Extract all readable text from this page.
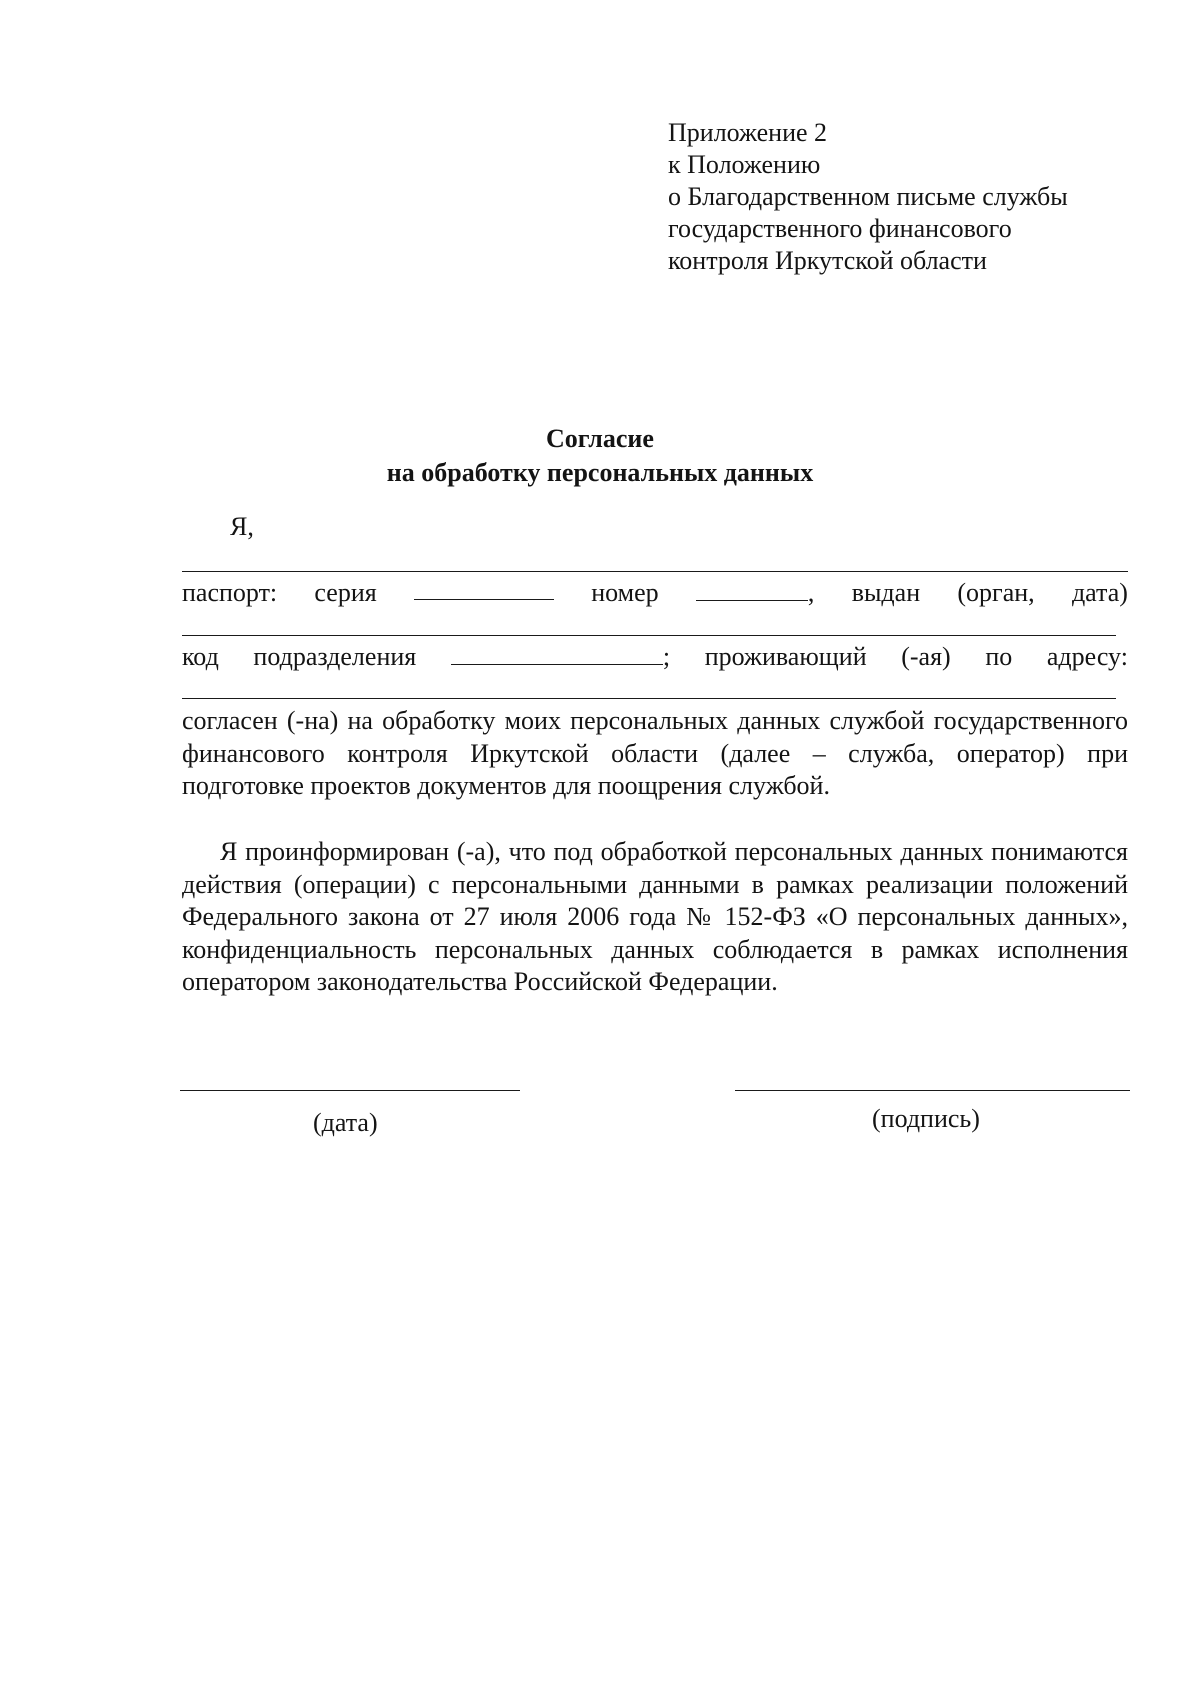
Приложение 2
к Положению
о Благодарственном письме службы
государственного финансового
контроля Иркутской области
Согласие
на обработку персональных данных
Я,
паспорт: серия	номер	, выдан (орган, дата)
код подразделения	; проживающий (-ая) по адресу:
согласен (-на) на обработку моих персональных данных службой государственного финансового контроля Иркутской области (далее – служба, оператор) при подготовке проектов документов для поощрения службой.
Я проинформирован (-а), что под обработкой персональных данных понимаются действия (операции) с персональными данными в рамках реализации положений Федерального закона от 27 июля 2006 года № 152-ФЗ «О персональных данных», конфиденциальность персональных данных соблюдается в рамках исполнения оператором законодательства Российской Федерации.
(дата)	(подпись)
